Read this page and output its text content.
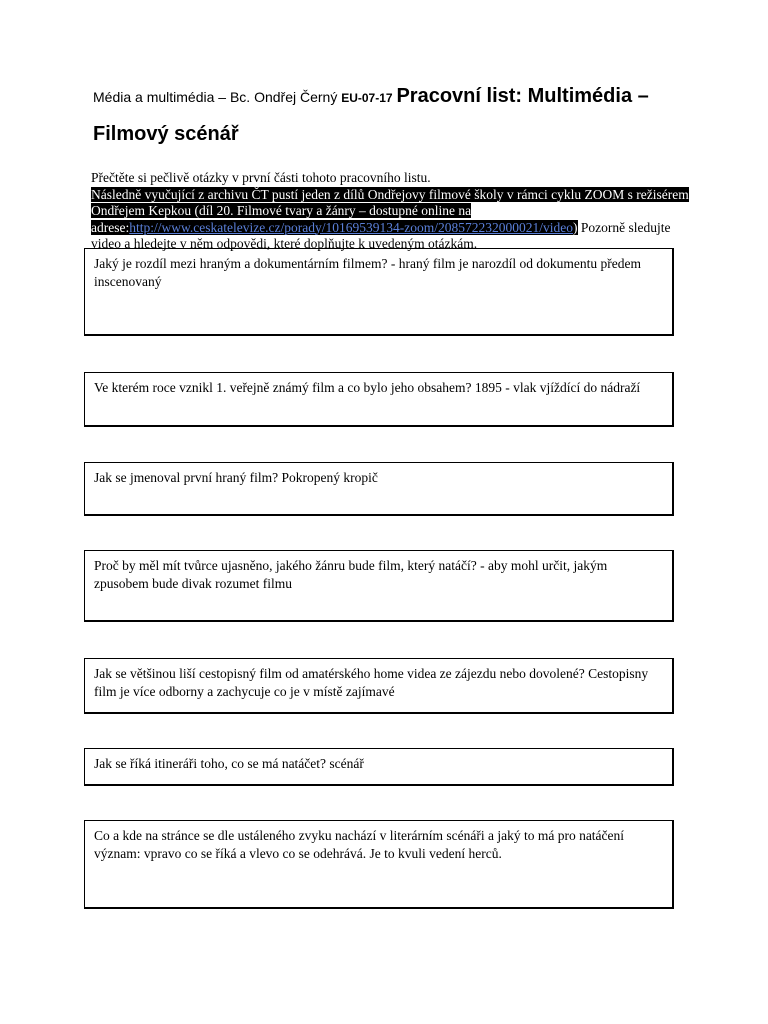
Média a multimédia – Bc. Ondřej Černý EU-07-17 Pracovní list: Multimédia –
Filmový scénář
Přečtěte si pečlivě otázky v první části tohoto pracovního listu.
Následně vyučující z archivu ČT pustí jeden z dílů Ondřejovy filmové školy v rámci cyklu ZOOM s režisérem Ondřejem Kepkou (díl 20. Filmové tvary a žánry – dostupné online na adrese:http://www.ceskatelevize.cz/porady/10169539134-zoom/208572232000021/video) Pozorně sledujte video a hledejte v něm odpovědi, které doplňujte k uvedeným otázkám.
Jaký je rozdíl mezi hraným a dokumentárním filmem? - hraný film je narozdíl od dokumentu předem inscenovaný
Ve kterém roce vznikl 1. veřejně známý film a co bylo jeho obsahem? 1895 - vlak vjíždící do nádraží
Jak se jmenoval první hraný film? Pokropený kropič
Proč by měl mít tvůrce ujasněno, jakého žánru bude film, který natáčí? - aby mohl určit, jakým zpusobem bude divak rozumet filmu
Jak se většinou liší cestopisný film od amatérského home videa ze zájezdu nebo dovolené? Cestopisny film je více odborny a zachycuje co je v místě zajímavé
Jak se říká itineráři toho, co se má natáčet? scénář
Co a kde na stránce se dle ustáleného zvyku nachází v literárním scénáři a jaký to má pro natáčení význam: vpravo co se říká a vlevo co se odehrává. Je to kvuli vedení herců.
